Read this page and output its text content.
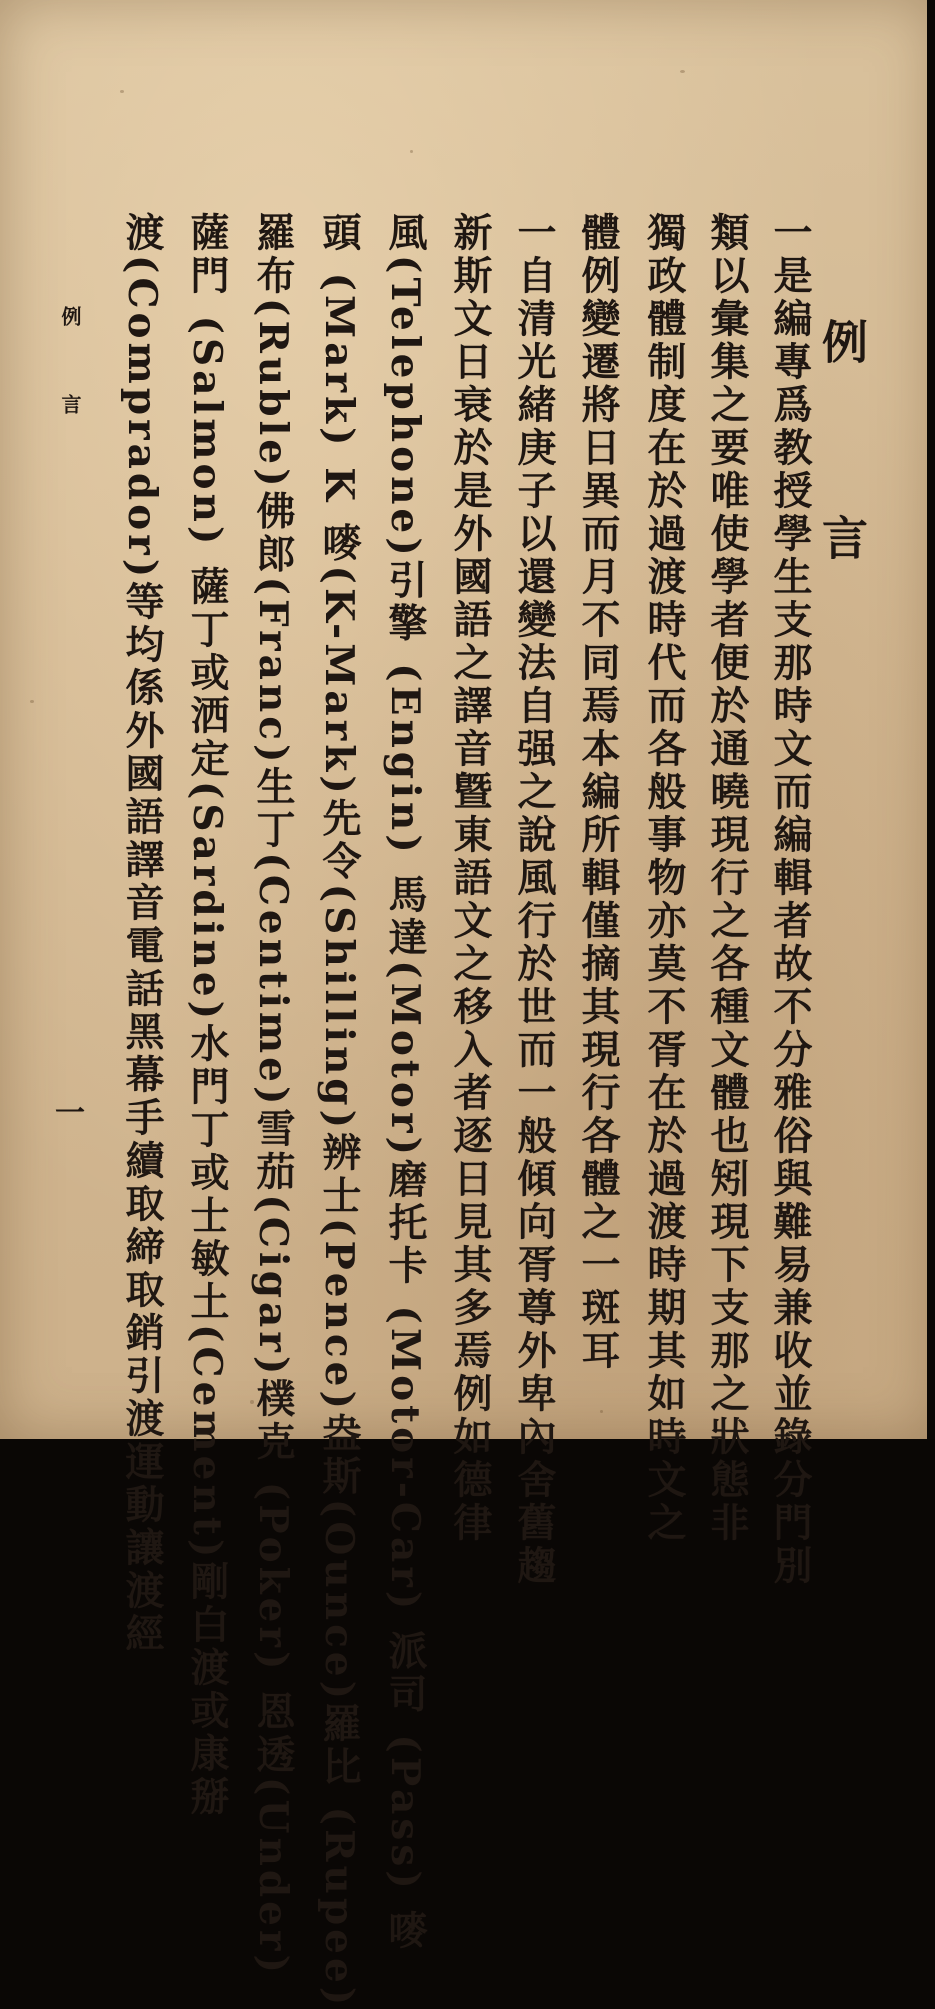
例　言
一是編專爲教授學生支那時文而編輯者故不分雅俗與難易兼收並錄分門別
類以彙集之要唯使學者便於通曉現行之各種文體也矧現下支那之狀態非
獨政體制度在於過渡時代而各般事物亦莫不胥在於過渡時期其如時文之
體例變遷將日異而月不同焉本編所輯僅摘其現行各體之一斑耳
一自清光緒庚子以還變法自强之說風行於世而一般傾向胥尊外卑內舍舊趨
新斯文日衰於是外國語之譯音曁東語文之移入者逐日見其多焉例如德律
風(Telephone)引擎 (Engin) 馬達(Motor)磨托卡 (Motor-Car) 派司 (Pass) 嘜
頭 (Mark) K 嘜(K-Mark)先令(Shilling)辨士(Pence)盎斯(Ounce)羅比 (Rupee)
羅布(Ruble)佛郎(Franc)生丁(Centime)雪茄(Cigar)樸克 (Poker) 恩透(Under)
薩門 (Salmon) 薩丁或洒定(Sardine)水門丁或士敏土(Cement)剛白渡或康掰
渡(Comprador)等均係外國語譯音電話黑幕手續取締取銷引渡運動讓渡經
例　言
一
